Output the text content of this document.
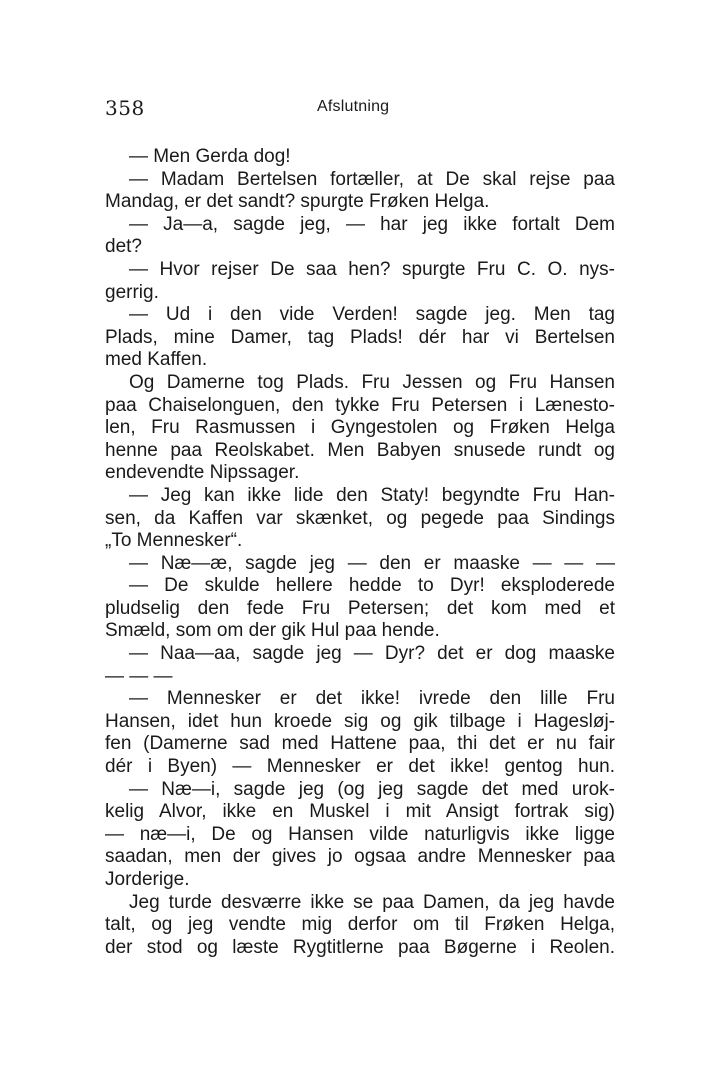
358	Afslutning
— Men Gerda dog!
— Madam Bertelsen fortæller, at De skal rejse paa
Mandag, er det sandt? spurgte Frøken Helga.
— Ja—a, sagde jeg, — har jeg ikke fortalt Dem
det?
— Hvor rejser De saa hen? spurgte Fru C. O. nys-
gerrig.
— Ud i den vide Verden! sagde jeg. Men tag
Plads, mine Damer, tag Plads! dér har vi Bertelsen
med Kaffen.
Og Damerne tog Plads. Fru Jessen og Fru Hansen
paa Chaiselonguen, den tykke Fru Petersen i Lænesto-
len, Fru Rasmussen i Gyngestolen og Frøken Helga
henne paa Reolskabet. Men Babyen snusede rundt og
endevendte Nipssager.
— Jeg kan ikke lide den Staty! begyndte Fru Han-
sen, da Kaffen var skænket, og pegede paa Sindings
„To Mennesker“.
— Næ—æ, sagde jeg — den er maaske — — —
— De skulde hellere hedde to Dyr! eksploderede
pludselig den fede Fru Petersen; det kom med et
Smæld, som om der gik Hul paa hende.
— Naa—aa, sagde jeg — Dyr? det er dog maaske
— — —
— Mennesker er det ikke! ivrede den lille Fru
Hansen, idet hun kroede sig og gik tilbage i Hagesløj-
fen (Damerne sad med Hattene paa, thi det er nu fair
dér i Byen) — Mennesker er det ikke! gentog hun.
— Næ—i, sagde jeg (og jeg sagde det med urok-
kelig Alvor, ikke en Muskel i mit Ansigt fortrak sig)
— næ—i, De og Hansen vilde naturligvis ikke ligge
saadan, men der gives jo ogsaa andre Mennesker paa
Jorderige.
Jeg turde desværre ikke se paa Damen, da jeg havde
talt, og jeg vendte mig derfor om til Frøken Helga,
der stod og læste Rygtitlerne paa Bøgerne i Reolen.
